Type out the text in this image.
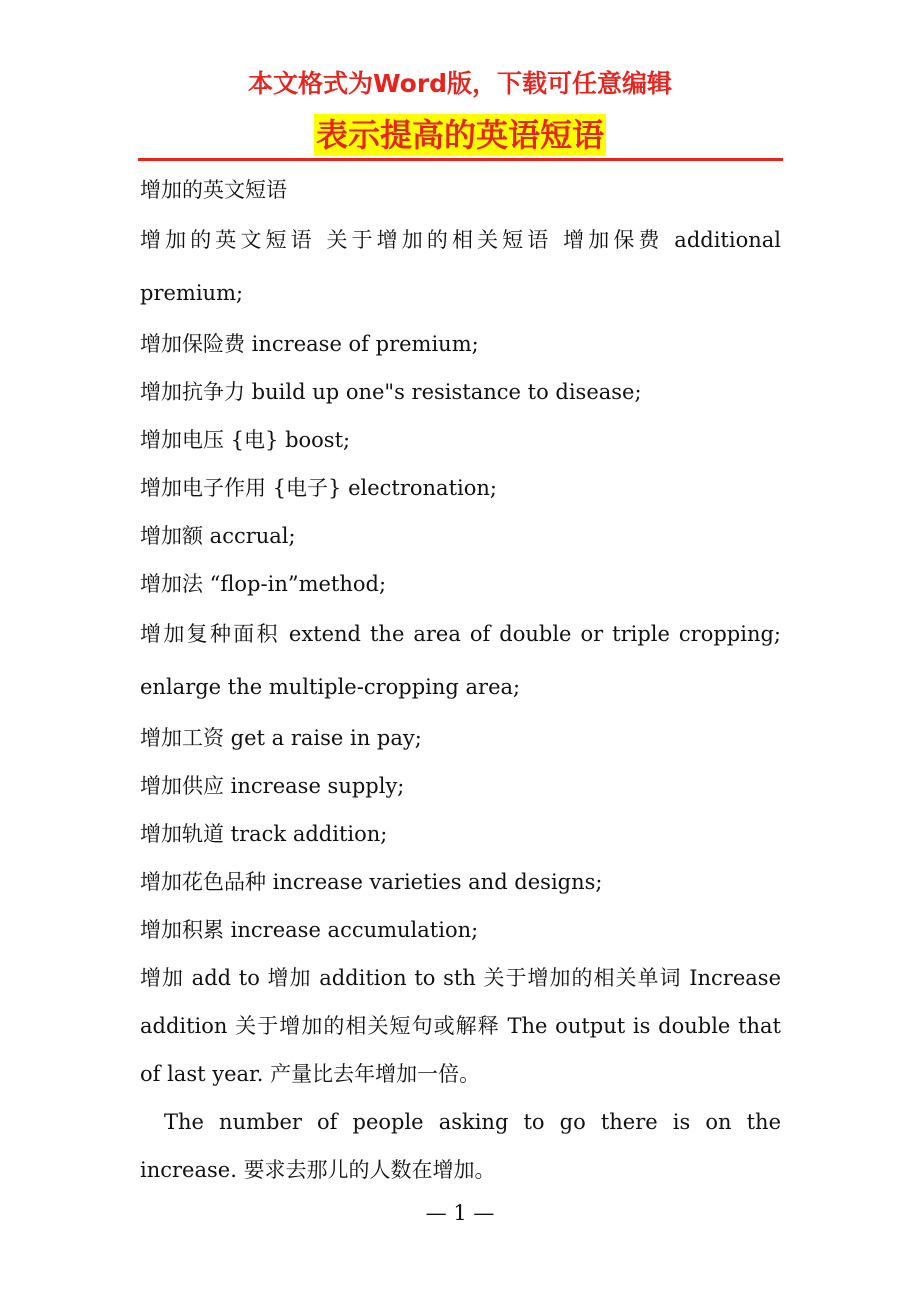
本文格式为Word版，下载可任意编辑
表示提高的英语短语

增加的英文短语

增加的英文短语 关于增加的相关短语 增加保费 additional premium;

增加保险费 increase of premium;

增加抗争力 build up one"s resistance to disease;

增加电压 {电} boost;

增加电子作用 {电子} electronation;

增加额 accrual;

增加法 “flop-in”method;

增加复种面积 extend the area of double or triple cropping; enlarge the multiple-cropping area;

增加工资 get a raise in pay;

增加供应 increase supply;

增加轨道 track addition;

增加花色品种 increase varieties and designs;

增加积累 increase accumulation;

增加 add to 增加 addition to sth 关于增加的相关单词 Increase addition 关于增加的相关短句或解释 The output is double that of last year. 产量比去年增加一倍。

The number of people asking to go there is on the increase. 要求去那儿的人数在增加。

— 1 —
